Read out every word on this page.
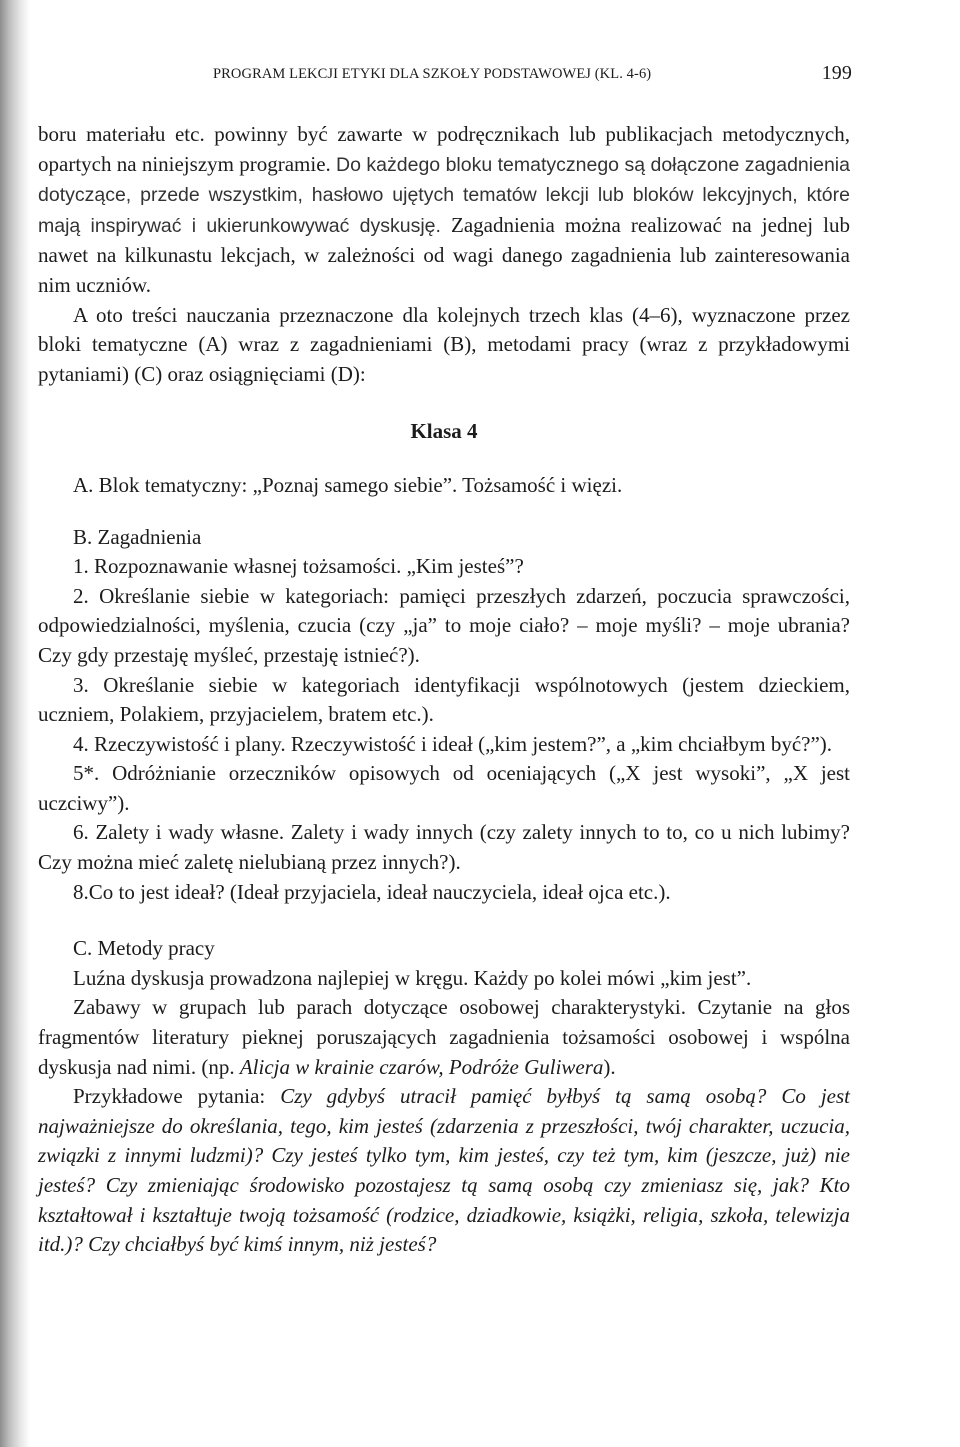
PROGRAM LEKCJI ETYKI DLA SZKOŁY PODSTAWOWEJ (KL. 4-6)	199

boru materiału etc. powinny być zawarte w podręcznikach lub publikacjach metodycznych, opartych na niniejszym programie. Do każdego bloku tematycznego są dołączone zagadnienia dotyczące, przede wszystkim, hasłowo ujętych tematów lekcji lub bloków lekcyjnych, które mają inspirywać i ukierunkowywać dyskusję. Zagadnienia można realizować na jednej lub nawet na kilkunastu lekcjach, w zależności od wagi danego zagadnienia lub zainteresowania nim uczniów.

A oto treści nauczania przeznaczone dla kolejnych trzech klas (4–6), wyznaczone przez bloki tematyczne (A) wraz z zagadnieniami (B), metodami pracy (wraz z przykładowymi pytaniami) (C) oraz osiągnięciami (D):

Klasa 4

A. Blok tematyczny: „Poznaj samego siebie”. Tożsamość i więzi.

B. Zagadnienia

1. Rozpoznawanie własnej tożsamości. „Kim jesteś”?

2. Określanie siebie w kategoriach: pamięci przeszłych zdarzeń, poczucia sprawczości, odpowiedzialności, myślenia, czucia (czy „ja” to moje ciało? – moje myśli? – moje ubrania? Czy gdy przestaję myśleć, przestaję istnieć?).

3. Określanie siebie w kategoriach identyfikacji wspólnotowych (jestem dzieckiem, uczniem, Polakiem, przyjacielem, bratem etc.).

4. Rzeczywistość i plany. Rzeczywistość i ideał („kim jestem?”, a „kim chciałbym być?”).

5*. Odróżnianie orzeczników opisowych od oceniających („X jest wysoki”, „X jest uczciwy”).

6. Zalety i wady własne. Zalety i wady innych (czy zalety innych to to, co u nich lubimy? Czy można mieć zaletę nielubianą przez innych?).

8.Co to jest ideał? (Ideał przyjaciela, ideał nauczyciela, ideał ojca etc.).

C. Metody pracy

Luźna dyskusja prowadzona najlepiej w kręgu. Każdy po kolei mówi „kim jest”.

Zabawy w grupach lub parach dotyczące osobowej charakterystyki. Czytanie na głos fragmentów literatury pieknej poruszających zagadnienia tożsamości osobowej i wspólna dyskusja nad nimi. (np. Alicja w krainie czarów, Podróże Guliwera).

Przykładowe pytania: Czy gdybyś utracił pamięć byłbyś tą samą osobą? Co jest najważniejsze do określania, tego, kim jesteś (zdarzenia z przeszłości, twój charakter, uczucia, związki z innymi ludzmi)? Czy jesteś tylko tym, kim jesteś, czy też tym, kim (jeszcze, już) nie jesteś? Czy zmieniając środowisko pozostajesz tą samą osobą czy zmieniasz się, jak? Kto kształtował i kształtuje twoją tożsamość (rodzice, dziadkowie, książki, religia, szkoła, telewizja itd.)? Czy chciałbyś być kimś innym, niż jesteś?
